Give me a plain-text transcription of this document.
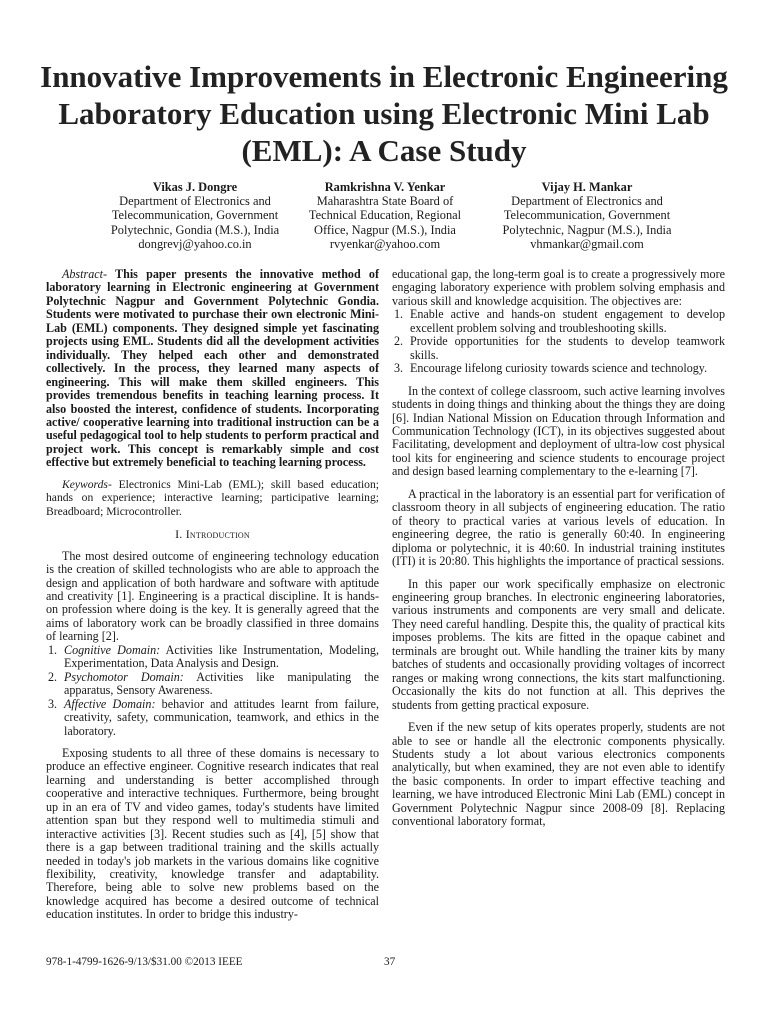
Innovative Improvements in Electronic Engineering Laboratory Education using Electronic Mini Lab (EML): A Case Study
Vikas J. Dongre
Department of Electronics and
Telecommunication, Government
Polytechnic, Gondia (M.S.), India
dongrevj@yahoo.co.in
Ramkrishna V. Yenkar
Maharashtra State Board of
Technical Education, Regional
Office, Nagpur (M.S.), India
rvyenkar@yahoo.com
Vijay H. Mankar
Department of Electronics and
Telecommunication, Government
Polytechnic, Nagpur (M.S.), India
vhmankar@gmail.com

Abstract- This paper presents the innovative method of laboratory learning in Electronic engineering at Government Polytechnic Nagpur and Government Polytechnic Gondia. Students were motivated to purchase their own electronic Mini-Lab (EML) components. They designed simple yet fascinating projects using EML. Students did all the development activities individually. They helped each other and demonstrated collectively. In the process, they learned many aspects of engineering. This will make them skilled engineers. This provides tremendous benefits in teaching learning process. It also boosted the interest, confidence of students. Incorporating active/ cooperative learning into traditional instruction can be a useful pedagogical tool to help students to perform practical and project work. This concept is remarkably simple and cost effective but extremely beneficial to teaching learning process.

Keywords- Electronics Mini-Lab (EML); skill based education; hands on experience; interactive learning; participative learning; Breadboard; Microcontroller.

I. Introduction

The most desired outcome of engineering technology education is the creation of skilled technologists who are able to approach the design and application of both hardware and software with aptitude and creativity [1]. Engineering is a practical discipline. It is hands-on profession where doing is the key. It is generally agreed that the aims of laboratory work can be broadly classified in three domains of learning [2].

1. Cognitive Domain: Activities like Instrumentation, Modeling, Experimentation, Data Analysis and Design.
2. Psychomotor Domain: Activities like manipulating the apparatus, Sensory Awareness.
3. Affective Domain: behavior and attitudes learnt from failure, creativity, safety, communication, teamwork, and ethics in the laboratory.

Exposing students to all three of these domains is necessary to produce an effective engineer. Cognitive research indicates that real learning and understanding is better accomplished through cooperative and interactive techniques. Furthermore, being brought up in an era of TV and video games, today's students have limited attention span but they respond well to multimedia stimuli and interactive activities [3]. Recent studies such as [4], [5] show that there is a gap between traditional training and the skills actually needed in today's job markets in the various domains like cognitive flexibility, creativity, knowledge transfer and adaptability. Therefore, being able to solve new problems based on the knowledge acquired has become a desired outcome of technical education institutes. In order to bridge this industry-

educational gap, the long-term goal is to create a progressively more engaging laboratory experience with problem solving emphasis and various skill and knowledge acquisition. The objectives are:

1. Enable active and hands-on student engagement to develop excellent problem solving and troubleshooting skills.
2. Provide opportunities for the students to develop teamwork skills.
3. Encourage lifelong curiosity towards science and technology.

In the context of college classroom, such active learning involves students in doing things and thinking about the things they are doing [6]. Indian National Mission on Education through Information and Communication Technology (ICT), in its objectives suggested about Facilitating, development and deployment of ultra-low cost physical tool kits for engineering and science students to encourage project and design based learning complementary to the e-learning [7].

A practical in the laboratory is an essential part for verification of classroom theory in all subjects of engineering education. The ratio of theory to practical varies at various levels of education. In engineering degree, the ratio is generally 60:40. In engineering diploma or polytechnic, it is 40:60. In industrial training institutes (ITI) it is 20:80. This highlights the importance of practical sessions.

In this paper our work specifically emphasize on electronic engineering group branches. In electronic engineering laboratories, various instruments and components are very small and delicate. They need careful handling. Despite this, the quality of practical kits imposes problems. The kits are fitted in the opaque cabinet and terminals are brought out. While handling the trainer kits by many batches of students and occasionally providing voltages of incorrect ranges or making wrong connections, the kits start malfunctioning. Occasionally the kits do not function at all. This deprives the students from getting practical exposure.

Even if the new setup of kits operates properly, students are not able to see or handle all the electronic components physically. Students study a lot about various electronics components analytically, but when examined, they are not even able to identify the basic components. In order to impart effective teaching and learning, we have introduced Electronic Mini Lab (EML) concept in Government Polytechnic Nagpur since 2008-09 [8]. Replacing conventional laboratory format,

978-1-4799-1626-9/13/$31.00 ©2013 IEEE	37
